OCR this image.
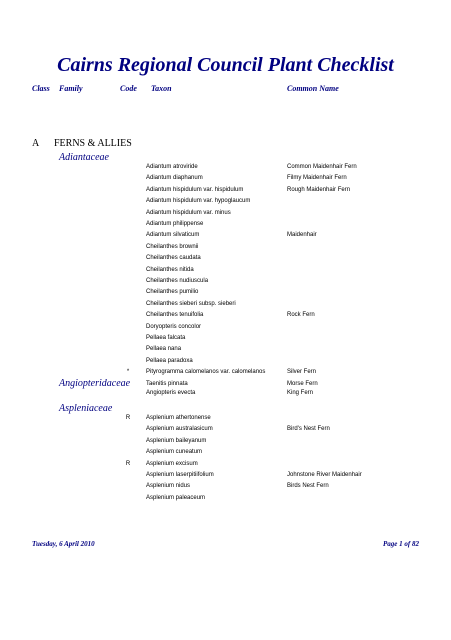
Cairns Regional Council Plant Checklist
Class Family	Code Taxon	Common Name
A FERNS & ALLIES
Adiantaceae
Adiantum atroviride	Common Maidenhair Fern
Adiantum diaphanum	Filmy Maidenhair Fern
Adiantum hispidulum var. hispidulum	Rough Maidenhair Fern
Adiantum hispidulum var. hypoglaucum
Adiantum hispidulum var. minus
Adiantum philippense
Adiantum silvaticum	Maidenhair
Cheilanthes brownii
Cheilanthes caudata
Cheilanthes nitida
Cheilanthes nudiuscula
Cheilanthes pumilio
Cheilanthes sieberi subsp. sieberi
Cheilanthes tenuifolia	Rock Fern
Doryopteris concolor
Pellaea falcata
Pellaea nana
Pellaea paradoxa
*	Pityrogramma calomelanos var. calomelanos	Silver Fern
Taenitis pinnata	Morse Fern
Angiopteridaceae
Angiopteris evecta	King Fern
Aspleniaceae
R	Asplenium athertonense
Asplenium australasicum	Bird's Nest Fern
Asplenium baileyanum
Asplenium cuneatum
R	Asplenium excisum
Asplenium laserpitiifolium	Johnstone River Maidenhair
Asplenium nidus	Birds Nest Fern
Asplenium paleaceum
Tuesday, 6 April 2010	Page 1 of 82
